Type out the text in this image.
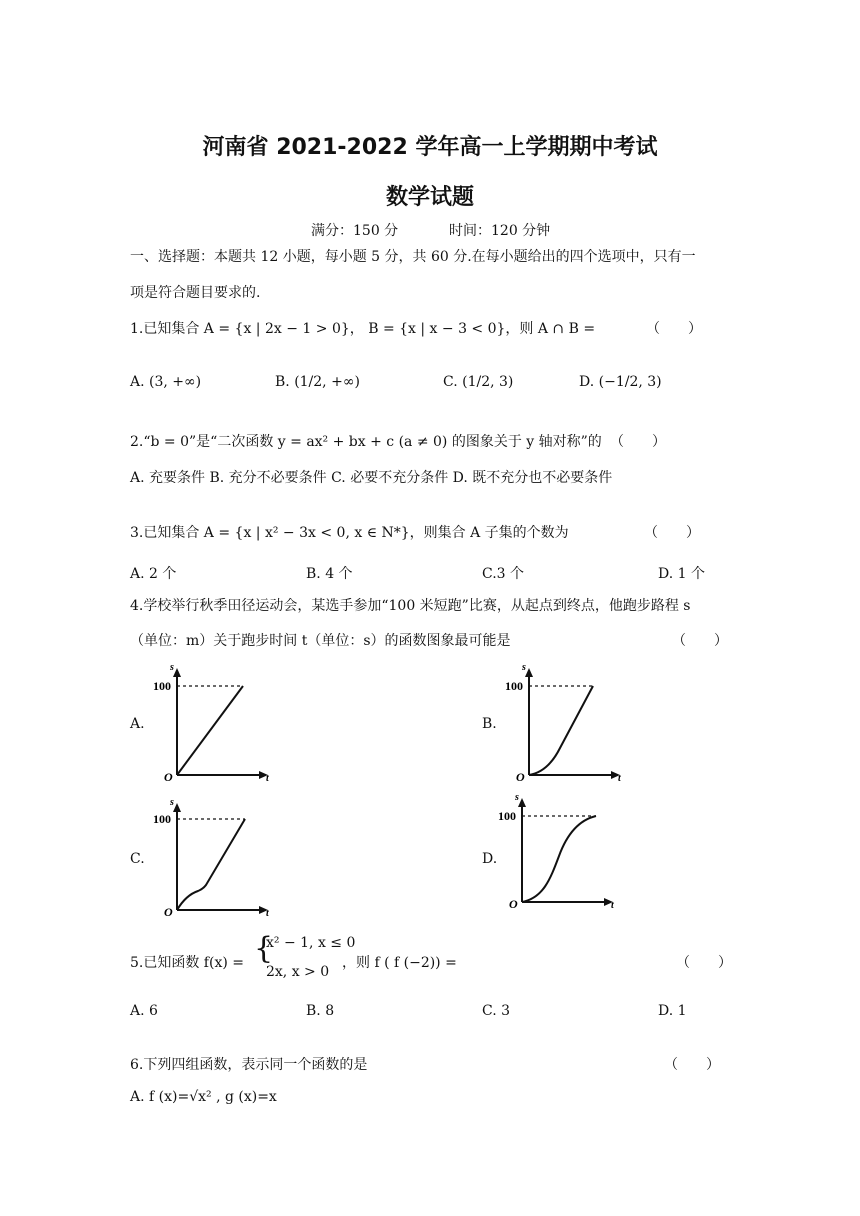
河南省 2021-2022 学年高一上学期期中考试
数学试题
满分：150 分	时间：120 分钟
一、选择题：本题共 12 小题，每小题 5 分，共 60 分.在每小题给出的四个选项中，只有一
项是符合题目要求的.
1.已知集合 A = {x | 2x − 1 > 0}， B = {x | x − 3 < 0}，则 A ∩ B =	（　　）
A. (3, +∞)	B. (1/2, +∞)	C. (1/2, 3)	D. (−1/2, 3)
2.“b = 0”是“二次函数 y = ax² + bx + c (a ≠ 0) 的图象关于 y 轴对称”的 （　　）
A. 充要条件 B. 充分不必要条件 C. 必要不充分条件 D. 既不充分也不必要条件
3.已知集合 A = {x | x² − 3x < 0, x ∈ N*}，则集合 A 子集的个数为	（　　）
A. 2 个	B. 4 个	C.3 个	D. 1 个
4.学校举行秋季田径运动会，某选手参加“100 米短跑”比赛，从起点到终点，他跑步路程 s
（单位：m）关于跑步时间 t（单位：s）的函数图象最可能是	（　　）
A.	B.
C.	D.
s
100
O	t
s
100
O	t
s
100
O	t
s
100
O	t
5.已知函数 f(x) = {
x² − 1, x ≤ 0
2x, x > 0
，则 f ( f (−2)) =	（　　）
A. 6	B. 8	C. 3	D. 1
6.下列四组函数，表示同一个函数的是	（　　）
A. f (x)=√x² , g (x)=x
